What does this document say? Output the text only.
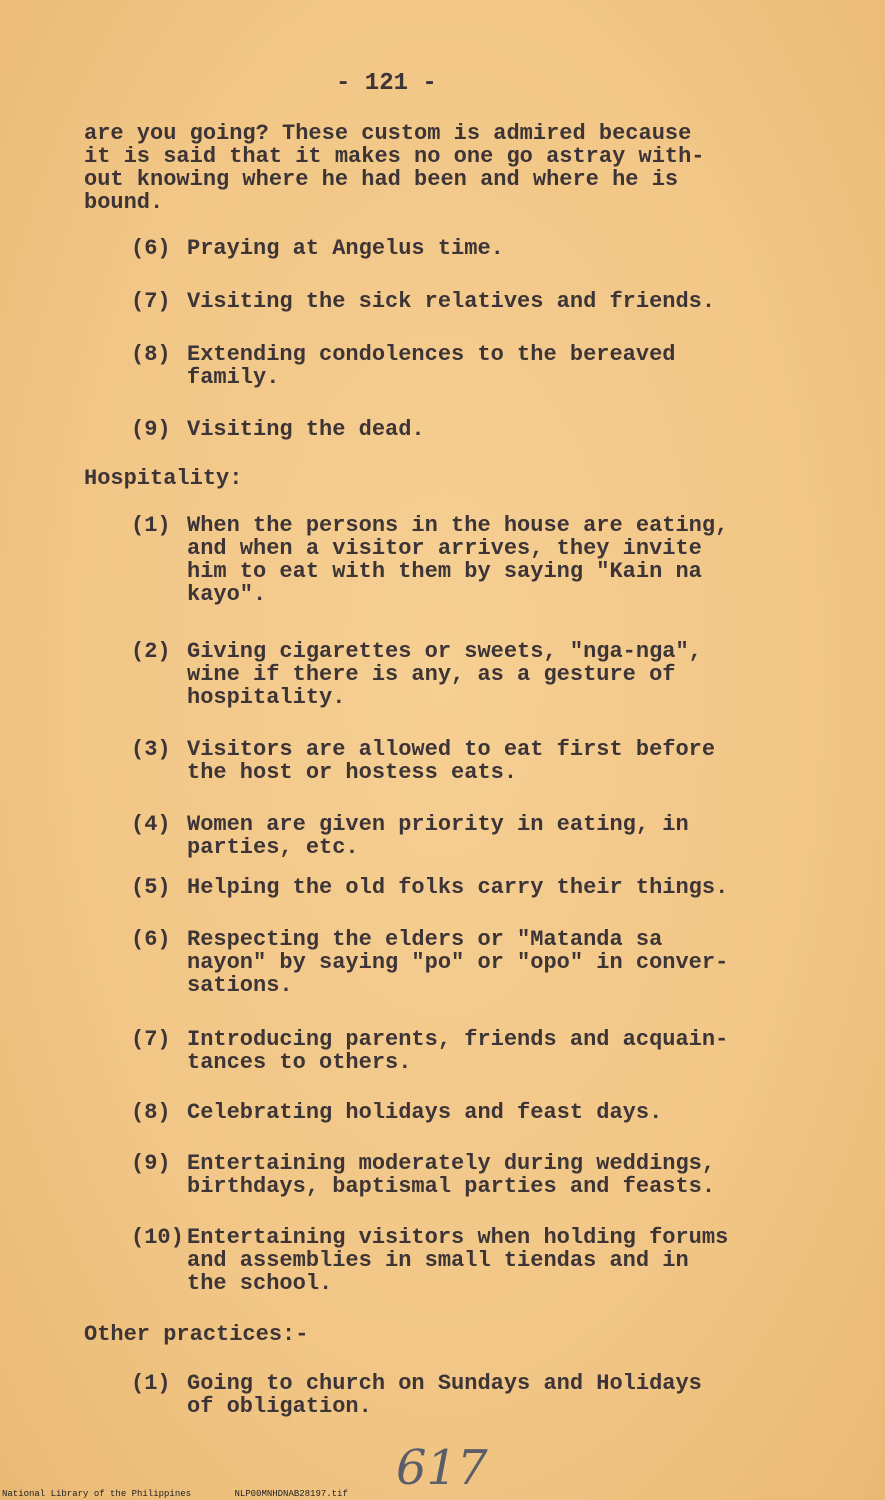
- 121 -
are you going? These custom is admired because
it is said that it makes no one go astray with-
out knowing where he had been and where he is
bound.
(6) Praying at Angelus time.
(7) Visiting the sick relatives and friends.
(8) Extending condolences to the bereaved
family.
(9) Visiting the dead.
Hospitality:
(1) When the persons in the house are eating,
and when a visitor arrives, they invite
him to eat with them by saying "Kain na
kayo".
(2) Giving cigarettes or sweets, "nga-nga",
wine if there is any, as a gesture of
hospitality.
(3) Visitors are allowed to eat first before
the host or hostess eats.
(4) Women are given priority in eating, in
parties, etc.
(5) Helping the old folks carry their things.
(6) Respecting the elders or "Matanda sa
nayon" by saying "po" or "opo" in conver-
sations.
(7) Introducing parents, friends and acquain-
tances to others.
(8) Celebrating holidays and feast days.
(9) Entertaining moderately during weddings,
birthdays, baptismal parties and feasts.
(10) Entertaining visitors when holding forums
and assemblies in small tiendas and in
the school.
Other practices:-
(1) Going to church on Sundays and Holidays
of obligation.
617
National Library of the Philippines	NLP00MNHDNAB28197.tif
